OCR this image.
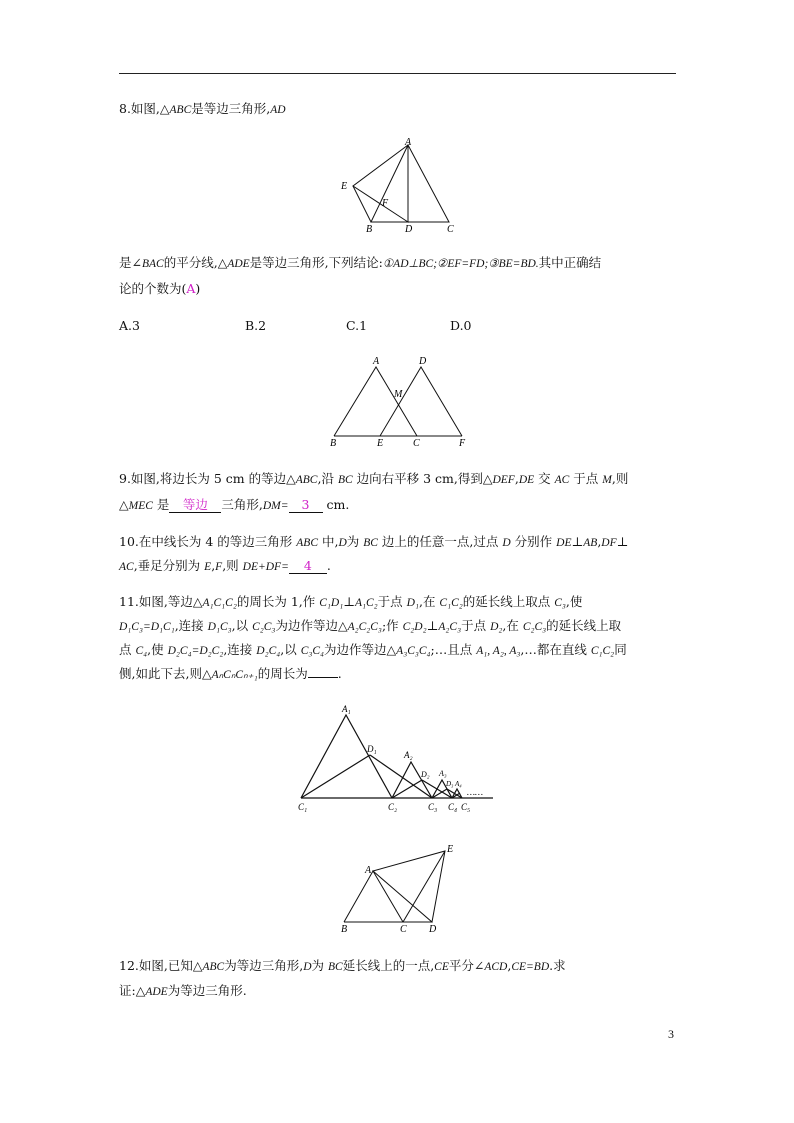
8.如图,△ABC是等边三角形,AD
A
E
F
B	D	C
是∠BAC的平分线,△ADE是等边三角形,下列结论:①AD⊥BC;②EF=FD;③BE=BD.其中正确结
论的个数为(A)
A.3	B.2	C.1	D.0
A	D
M
B	E	C	F
9.如图,将边长为 5 cm 的等边△ABC,沿 BC 边向右平移 3 cm,得到△DEF,DE 交 AC 于点 M,则
△MEC 是 等边 三角形,DM= 3 cm.
10.在中线长为 4 的等边三角形 ABC 中,D为 BC 边上的任意一点,过点 D 分别作 DE⊥AB,DF⊥
AC,垂足分别为 E,F,则 DE+DF= 4 .
11.如图,等边△A₁C₁C₂的周长为 1,作 C₁D₁⊥A₁C₂于点 D₁,在 C₁C₂的延长线上取点 C₃,使
D₁C₃=D₁C₁,连接 D₁C₃,以 C₂C₃为边作等边△A₂C₂C₃;作 C₂D₂⊥A₂C₃于点 D₂,在 C₂C₃的延长线上取
点 C₄,使 D₂C₄=D₂C₂,连接 D₂C₄,以 C₃C₄为边作等边△A₃C₃C₄;…且点 A₁, A₂, A₃,…都在直线 C₁C₂同
侧,如此下去,则△AₙCₙCₙ₊₁的周长为 .
A₁
D₁
A₂
D₂ A₃
D₃ A₄
……
C₁	C₂	C₃ C₄ C₅
A
E
B	C D
12.如图,已知△ABC为等边三角形,D为 BC延长线上的一点,CE平分∠ACD,CE=BD.求
证:△ADE为等边三角形.
3
